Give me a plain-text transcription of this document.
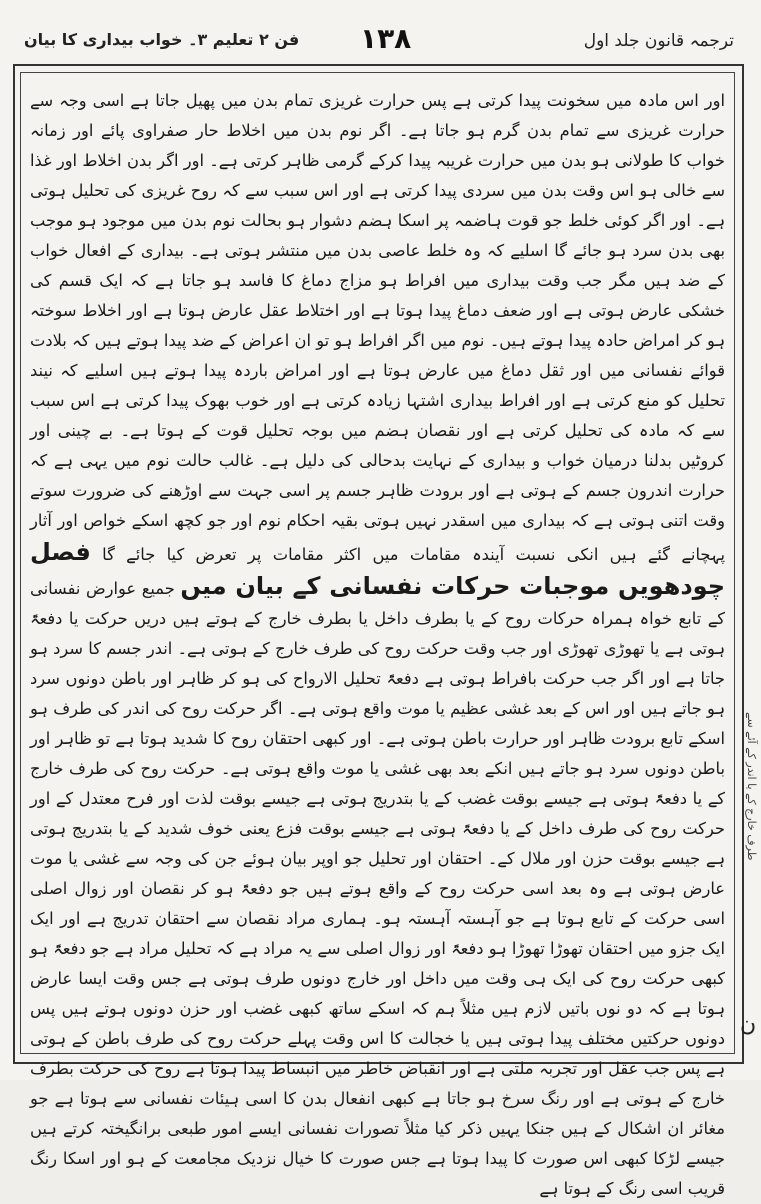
ترجمہ قانون جلد اول
۱۳۸
فن ۲ تعلیم ۳۔ خواب بیداری کا بیان
اور اس مادہ میں سخونت پیدا کرتی ہے پس حرارت غریزی تمام بدن میں پھیل جاتا ہے اسی وجہ سے حرارت غریزی سے تمام بدن گرم ہو جاتا ہے۔ اگر نوم بدن میں اخلاط حار صفراوی پائے اور زمانہ خواب کا طولانی ہو بدن میں حرارت غریبہ پیدا کرکے گرمی ظاہر کرتی ہے۔ اور اگر بدن اخلاط اور غذا سے خالی ہو اس وقت بدن میں سردی پیدا کرتی ہے اور اس سبب سے کہ روح غریزی کی تحلیل ہوتی ہے۔ اور اگر کوئی خلط جو قوت ہاضمہ پر اسکا ہضم دشوار ہو بحالت نوم بدن میں موجود ہو موجب بھی بدن سرد ہو جائے گا اسلیے کہ وہ خلط عاصی بدن میں منتشر ہوتی ہے۔ بیداری کے افعال خواب کے ضد ہیں مگر جب وقت بیداری میں افراط ہو مزاج دماغ کا فاسد ہو جاتا ہے کہ ایک قسم کی خشکی عارض ہوتی ہے اور ضعف دماغ پیدا ہوتا ہے اور اختلاط عقل عارض ہوتا ہے اور اخلاط سوختہ ہو کر امراض حادہ پیدا ہوتے ہیں۔ نوم میں اگر افراط ہو تو ان اعراض کے ضد پیدا ہوتے ہیں کہ بلادت قوائے نفسانی میں اور ثقل دماغ میں عارض ہوتا ہے اور امراض باردہ پیدا ہوتے ہیں اسلیے کہ نیند تحلیل کو منع کرتی ہے اور افراط بیداری اشتہا زیادہ کرتی ہے اور خوب بھوک پیدا کرتی ہے اس سبب سے کہ مادہ کی تحلیل کرتی ہے اور نقصان ہضم میں بوجہ تحلیل قوت کے ہوتا ہے۔ بے چینی اور کروٹیں بدلنا درمیان خواب و بیداری کے نہایت بدحالی کی دلیل ہے۔ غالب حالت نوم میں یہی ہے کہ حرارت اندرون جسم کے ہوتی ہے اور برودت ظاہر جسم پر اسی جہت سے اوڑھنے کی ضرورت سوتے وقت اتنی ہوتی ہے کہ بیداری میں اسقدر نہیں ہوتی بقیہ احکام نوم اور جو کچھ اسکے خواص اور آثار پہچانے گئے ہیں انکی نسبت آیندہ مقامات میں اکثر مقامات پر تعرض کیا جائے گا فصل چودھویں موجبات حرکات نفسانی کے بیان میں جمیع عوارض نفسانی کے تابع خواہ ہمراہ حرکات روح کے یا بطرف داخل یا بطرف خارج کے ہوتے ہیں دریں حرکت یا دفعۃً ہوتی ہے یا تھوڑی تھوڑی اور جب وقت حرکت روح کی طرف خارج کے ہوتی ہے۔ اندر جسم کا سرد ہو جاتا ہے اور اگر جب حرکت بافراط ہوتی ہے دفعۃً تحلیل الارواح کی ہو کر ظاہر اور باطن دونوں سرد ہو جاتے ہیں اور اس کے بعد غشی عظیم یا موت واقع ہوتی ہے۔ اگر حرکت روح کی اندر کی طرف ہو اسکے تابع برودت ظاہر اور حرارت باطن ہوتی ہے۔ اور کبھی احتقان روح کا شدید ہوتا ہے تو ظاہر اور باطن دونوں سرد ہو جاتے ہیں انکے بعد بھی غشی یا موت واقع ہوتی ہے۔ حرکت روح کی طرف خارج کے یا دفعۃً ہوتی ہے جیسے بوقت غضب کے یا بتدریج ہوتی ہے جیسے بوقت لذت اور فرح معتدل کے اور حرکت روح کی طرف داخل کے یا دفعۃً ہوتی ہے جیسے بوقت فزع یعنی خوف شدید کے یا بتدریج ہوتی ہے جیسے بوقت حزن اور ملال کے۔ احتقان اور تحلیل جو اوپر بیان ہوئے جن کی وجہ سے غشی یا موت عارض ہوتی ہے وہ بعد اسی حرکت روح کے واقع ہوتے ہیں جو دفعۃً ہو کر نقصان اور زوال اصلی اسی حرکت کے تابع ہوتا ہے جو آہستہ آہستہ ہو۔ ہماری مراد نقصان سے احتقان تدریج ہے اور ایک ایک جزو میں احتقان تھوڑا تھوڑا ہو دفعۃً اور زوال اصلی سے یہ مراد ہے کہ تحلیل مراد ہے جو دفعۃً ہو کبھی حرکت روح کی ایک ہی وقت میں داخل اور خارج دونوں طرف ہوتی ہے جس وقت ایسا عارض ہوتا ہے کہ دو نوں باتیں لازم ہیں مثلاً ہم کہ اسکے ساتھ کبھی غضب اور حزن دونوں ہوتے ہیں پس دونوں حرکتیں مختلف پیدا ہوتی ہیں یا خجالت کا اس وقت پہلے حرکت روح کی طرف باطن کے ہوتی ہے پس جب عقل اور تجربہ ملتی ہے اور انقباض خاطر میں انبساط پیدا ہوتا ہے روح کی حرکت بطرف خارج کے ہوتی ہے اور رنگ سرخ ہو جاتا ہے کبھی انفعال بدن کا اسی ہیئات نفسانی سے ہوتا ہے جو مغائر ان اشکال کے ہیں جنکا یہیں ذکر کیا مثلاً تصورات نفسانی ایسے امور طبعی برانگیختہ کرتے ہیں جیسے لڑکا کبھی اس صورت کا پیدا ہوتا ہے جس صورت کا خیال نزدیک مجامعت کے ہو اور اسکا رنگ قریب اسی رنگ کے ہوتا ہے
طرف خارج کے یا اندر کے آئے سے
ن
